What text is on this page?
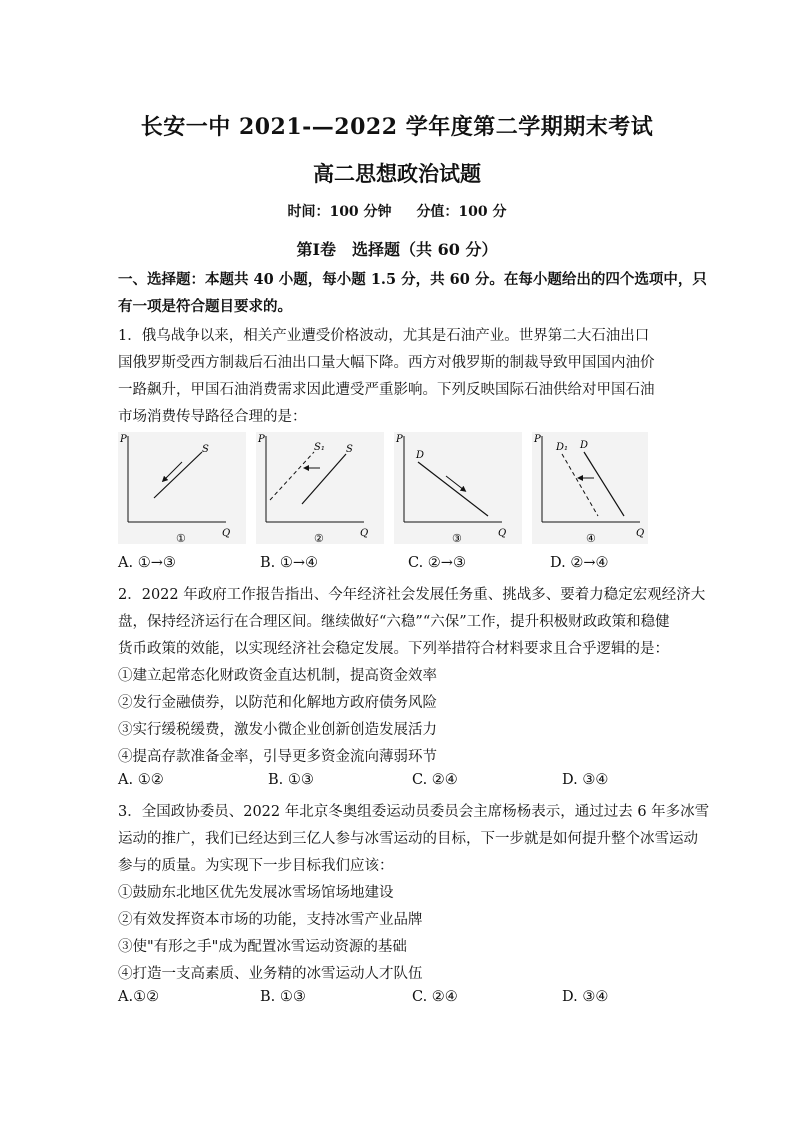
长安一中 2021-—2022 学年度第二学期期末考试
高二思想政治试题
时间：100 分钟 分值：100 分
第Ⅰ卷　选择题（共 60 分）
一、选择题：本题共 40 小题，每小题 1.5 分，共 60 分。在每小题给出的四个选项中，只
有一项是符合题目要求的。
1．俄乌战争以来，相关产业遭受价格波动，尤其是石油产业。世界第二大石油出口
国俄罗斯受西方制裁后石油出口量大幅下降。西方对俄罗斯的制裁导致甲国国内油价
一路飙升，甲国石油消费需求因此遭受严重影响。下列反映国际石油供给对甲国石油
市场消费传导路径合理的是：
P
Q
S
①
P
Q
S₁ S
②
P
Q
D
③
P
Q
D₁ D
④
A. ①→③	B. ①→④	C. ②→③	D. ②→④
2．2022 年政府工作报告指出、今年经济社会发展任务重、挑战多、要着力稳定宏观经济大
盘，保持经济运行在合理区间。继续做好“六稳”“六保”工作，提升积极财政政策和稳健
货币政策的效能，以实现经济社会稳定发展。下列举措符合材料要求且合乎逻辑的是：
①建立起常态化财政资金直达机制，提高资金效率
②发行金融债券，以防范和化解地方政府债务风险
③实行缓税缓费，激发小微企业创新创造发展活力
④提高存款准备金率，引导更多资金流向薄弱环节
A. ①②	B. ①③	C. ②④	D. ③④
3．全国政协委员、2022 年北京冬奥组委运动员委员会主席杨杨表示，通过过去 6 年多冰雪
运动的推广，我们已经达到三亿人参与冰雪运动的目标，下一步就是如何提升整个冰雪运动
参与的质量。为实现下一步目标我们应该：
①鼓励东北地区优先发展冰雪场馆场地建设
②有效发挥资本市场的功能，支持冰雪产业品牌
③使"有形之手"成为配置冰雪运动资源的基础
④打造一支高素质、业务精的冰雪运动人才队伍
A.①②	B. ①③	C. ②④	D. ③④
